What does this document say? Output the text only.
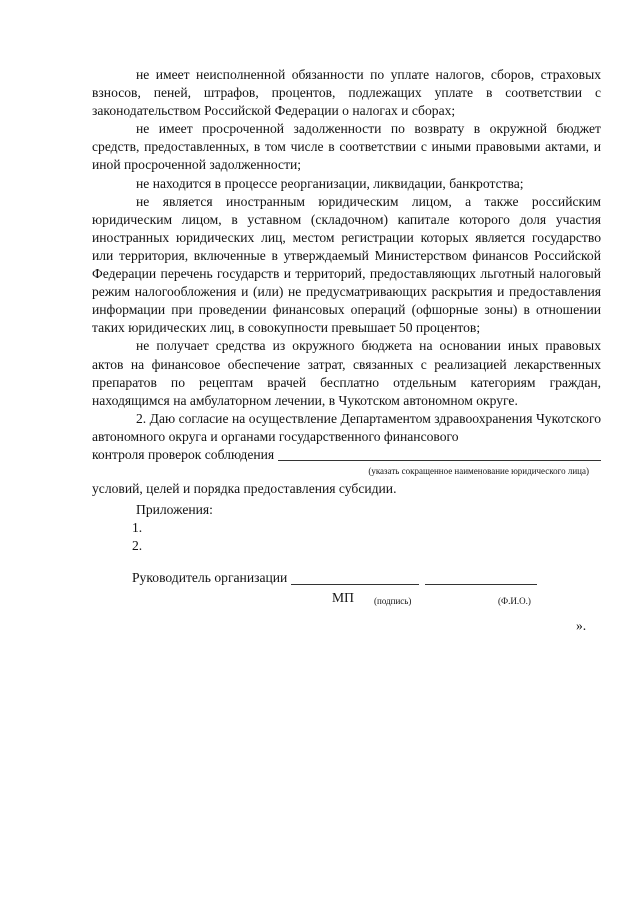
не имеет неисполненной обязанности по уплате налогов, сборов, страховых взносов, пеней, штрафов, процентов, подлежащих уплате в соответствии с законодательством Российской Федерации о налогах и сборах;

не имеет просроченной задолженности по возврату в окружной бюджет средств, предоставленных, в том числе в соответствии с иными правовыми актами, и иной просроченной задолженности;

не находится в процессе реорганизации, ликвидации, банкротства;

не является иностранным юридическим лицом, а также российским юридическим лицом, в уставном (складочном) капитале которого доля участия иностранных юридических лиц, местом регистрации которых является государство или территория, включенные в утверждаемый Министерством финансов Российской Федерации перечень государств и территорий, предоставляющих льготный налоговый режим налогообложения и (или) не предусматривающих раскрытия и предоставления информации при проведении финансовых операций (офшорные зоны) в отношении таких юридических лиц, в совокупности превышает 50 процентов;

не получает средства из окружного бюджета на основании иных правовых актов на финансовое обеспечение затрат, связанных с реализацией лекарственных препаратов по рецептам врачей бесплатно отдельным категориям граждан, находящимся на амбулаторном лечении, в Чукотском автономном округе.

2. Даю согласие на осуществление Департаментом здравоохранения Чукотского автономного округа и органами государственного финансового

контроля проверок соблюдения
(указать сокращенное наименование юридического лица)
условий, целей и порядка предоставления субсидии.
Приложения:
1.
2.
Руководитель организации
МП (подпись)	(Ф.И.О.)
».
